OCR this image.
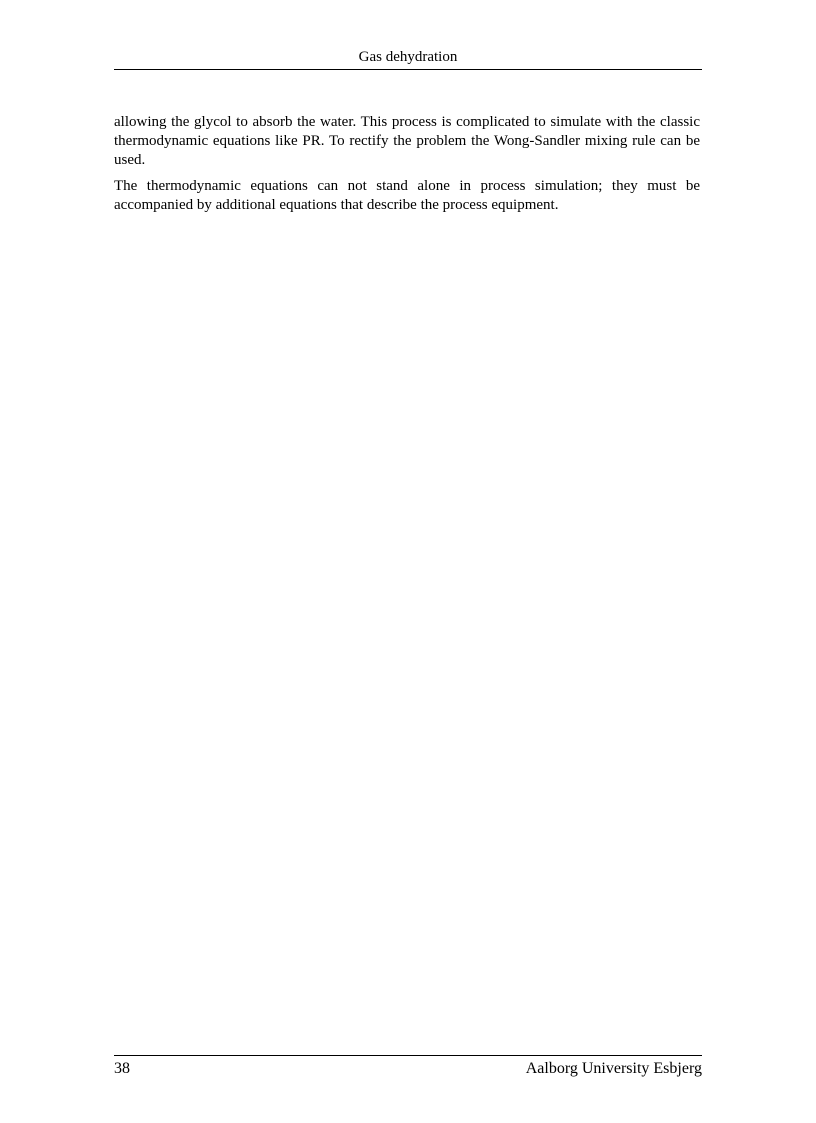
Gas dehydration

allowing the glycol to absorb the water. This process is complicated to simulate with the classic thermodynamic equations like PR. To rectify the problem the Wong-Sandler mixing rule can be used.

The thermodynamic equations can not stand alone in process simulation; they must be accompanied by additional equations that describe the process equipment.

38	Aalborg University Esbjerg
